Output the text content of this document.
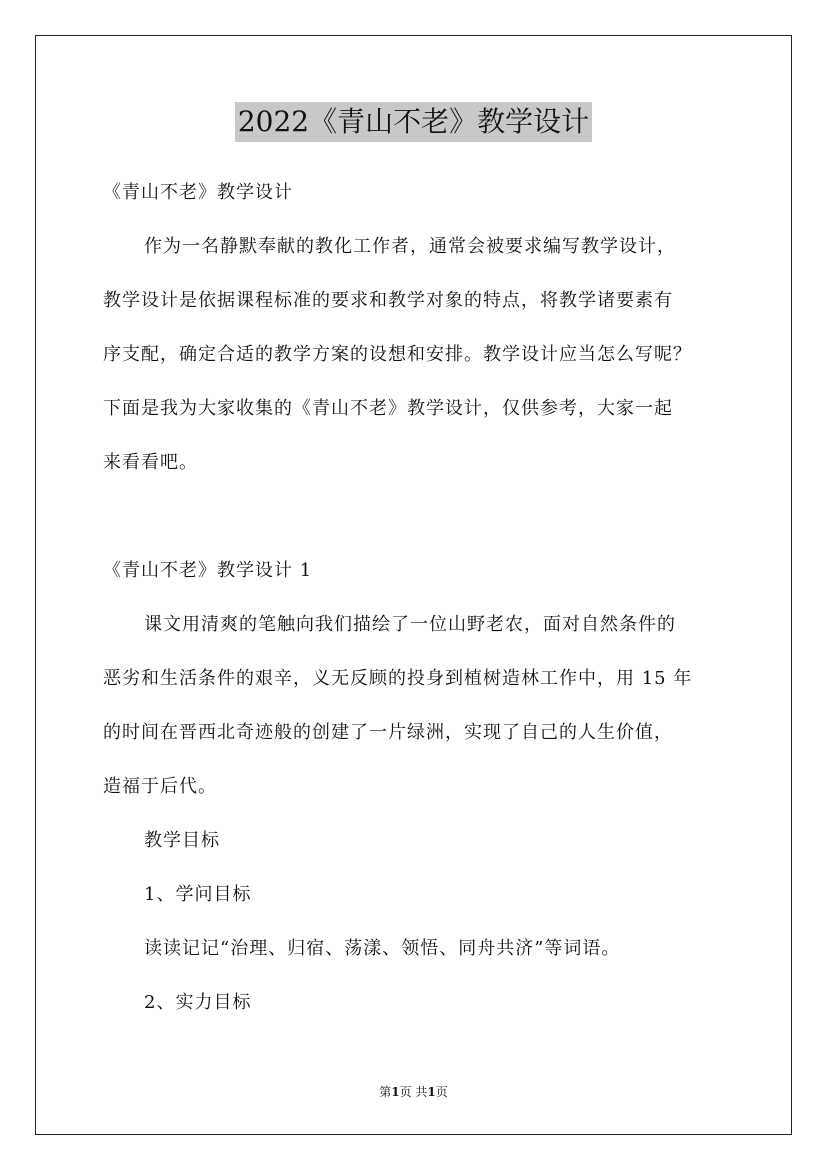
2022《青山不老》教学设计
《青山不老》教学设计
作为一名静默奉献的教化工作者，通常会被要求编写教学设计，
教学设计是依据课程标准的要求和教学对象的特点，将教学诸要素有
序支配，确定合适的教学方案的设想和安排。教学设计应当怎么写呢？
下面是我为大家收集的《青山不老》教学设计，仅供参考，大家一起
来看看吧。
《青山不老》教学设计 1
课文用清爽的笔触向我们描绘了一位山野老农，面对自然条件的
恶劣和生活条件的艰辛，义无反顾的投身到植树造林工作中，用 15 年
的时间在晋西北奇迹般的创建了一片绿洲，实现了自己的人生价值，
造福于后代。
教学目标
1、学问目标
读读记记“治理、归宿、荡漾、领悟、同舟共济”等词语。
2、实力目标
第1页 共1页
